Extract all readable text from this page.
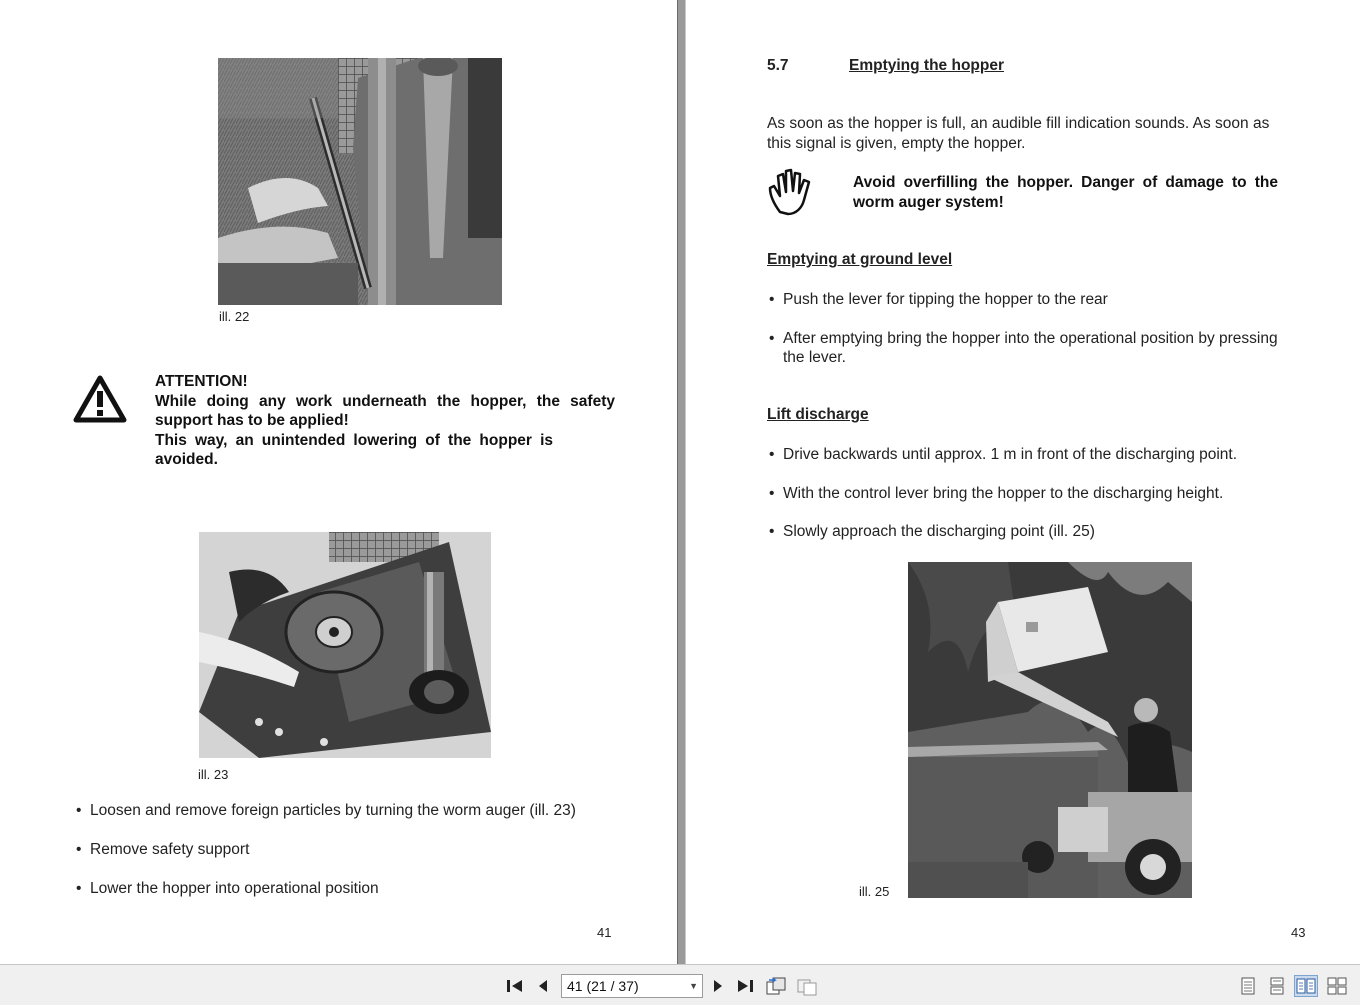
ill. 22
ATTENTION!
While doing any work underneath the hopper, the safety
support has to be applied!
This way, an unintended lowering of the hopper is
avoided.
ill. 23
• Loosen and remove foreign particles by turning the worm auger (ill. 23)
• Remove safety support
• Lower the hopper into operational position
41
5.7	Emptying the hopper
As soon as the hopper is full, an audible fill indication sounds. As soon as
this signal is given, empty the hopper.
Avoid overfilling the hopper. Danger of damage to the
worm auger system!
Emptying at ground level
• Push the lever for tipping the hopper to the rear
• After emptying bring the hopper into the operational position by pressing
the lever.
Lift discharge
• Drive backwards until approx. 1 m in front of the discharging point.
• With the control lever bring the hopper to the discharging height.
• Slowly approach the discharging point (ill. 25)
ill. 25
43
41 (21 / 37)	▼
